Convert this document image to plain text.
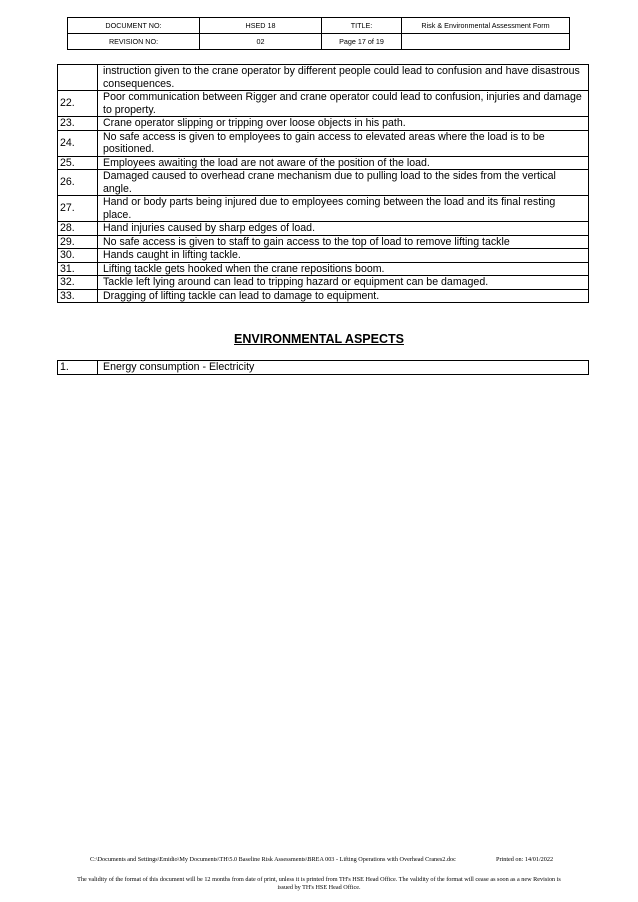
DOCUMENT NO:	HSED 18	TITLE:	Risk & Environmental Assessment Form
REVISION NO:	02	Page 17 of 19	
	instruction given to the crane operator by different people could lead to confusion and have disastrous consequences.
22.	Poor communication between Rigger and crane operator could lead to confusion, injuries and damage to property.
23.	Crane operator slipping or tripping over loose objects in his path.
24.	No safe access is given to employees to gain access to elevated areas where the load is to be positioned.
25.	Employees awaiting the load are not aware of the position of the load.
26.	Damaged caused to overhead crane mechanism due to pulling load to the sides from the vertical angle.
27.	Hand or body parts being injured due to employees coming between the load and its final resting place.
28.	Hand injuries caused by sharp edges of load.
29.	No safe access is given to staff to gain access to the top of load to remove lifting tackle
30.	Hands caught in lifting tackle.
31.	Lifting tackle gets hooked when the crane repositions boom.
32.	Tackle left lying around can lead to tripping hazard or equipment can be damaged.
33.	Dragging of lifting tackle can lead to damage to equipment.
ENVIRONMENTAL ASPECTS
1.	Energy consumption - Electricity
C:\Documents and Settings\Emidio\My Documents\TH\5.0 Baseline Risk Assessments\BREA 003 - Lifting Operations with Overhead Cranes2.doc	Printed on: 14/01/2022
The validity of the format of this document will be 12 months from date of print, unless it is printed from TH's HSE Head Office. The validity of the format will cease as soon as a new Revision is issued by TH's HSE Head Office.
